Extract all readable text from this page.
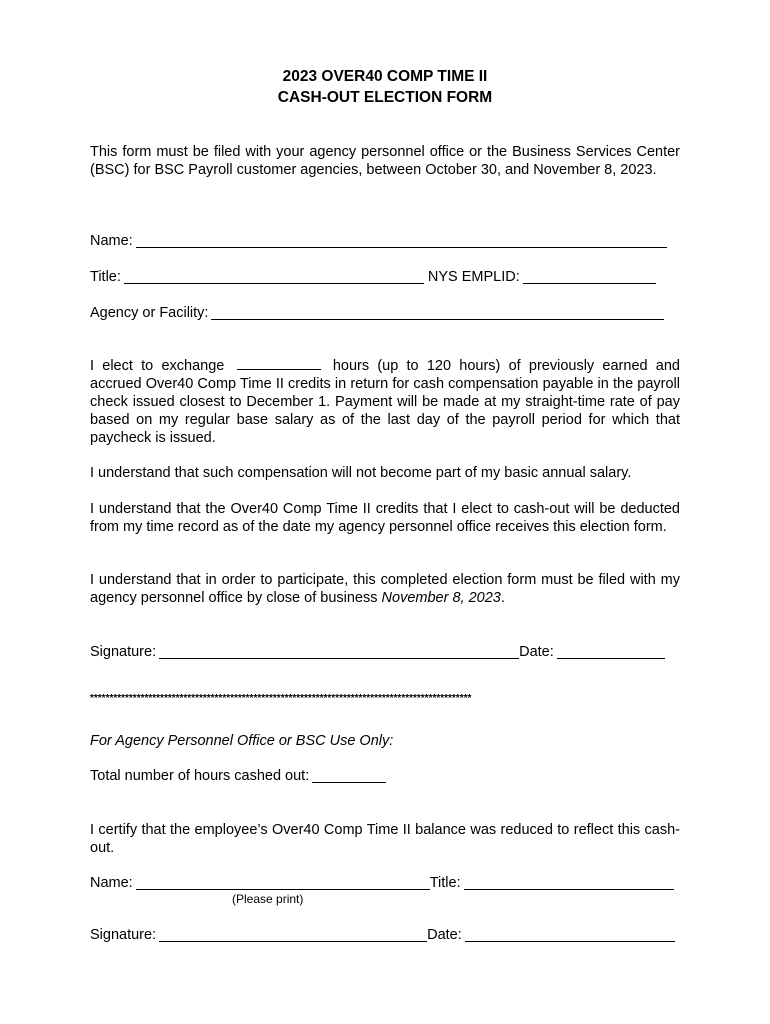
2023 OVER40 COMP TIME II
CASH-OUT ELECTION FORM
This form must be filed with your agency personnel office or the Business Services Center (BSC) for BSC Payroll customer agencies, between October 30, and November 8, 2023.
Name:
Title:	NYS EMPLID:
Agency or Facility:
I elect to exchange	hours (up to 120 hours) of previously earned and accrued Over40 Comp Time II credits in return for cash compensation payable in the payroll check issued closest to December 1. Payment will be made at my straight-time rate of pay based on my regular base salary as of the last day of the payroll period for which that paycheck is issued.
I understand that such compensation will not become part of my basic annual salary.
I understand that the Over40 Comp Time II credits that I elect to cash-out will be deducted from my time record as of the date my agency personnel office receives this election form.
I understand that in order to participate, this completed election form must be filed with my agency personnel office by close of business November 8, 2023.
Signature:	Date:
**************************************************************************************************
For Agency Personnel Office or BSC Use Only:
Total number of hours cashed out:
I certify that the employee’s Over40 Comp Time II balance was reduced to reflect this cash-out.
Name:	Title:
(Please print)
Signature:	Date:
